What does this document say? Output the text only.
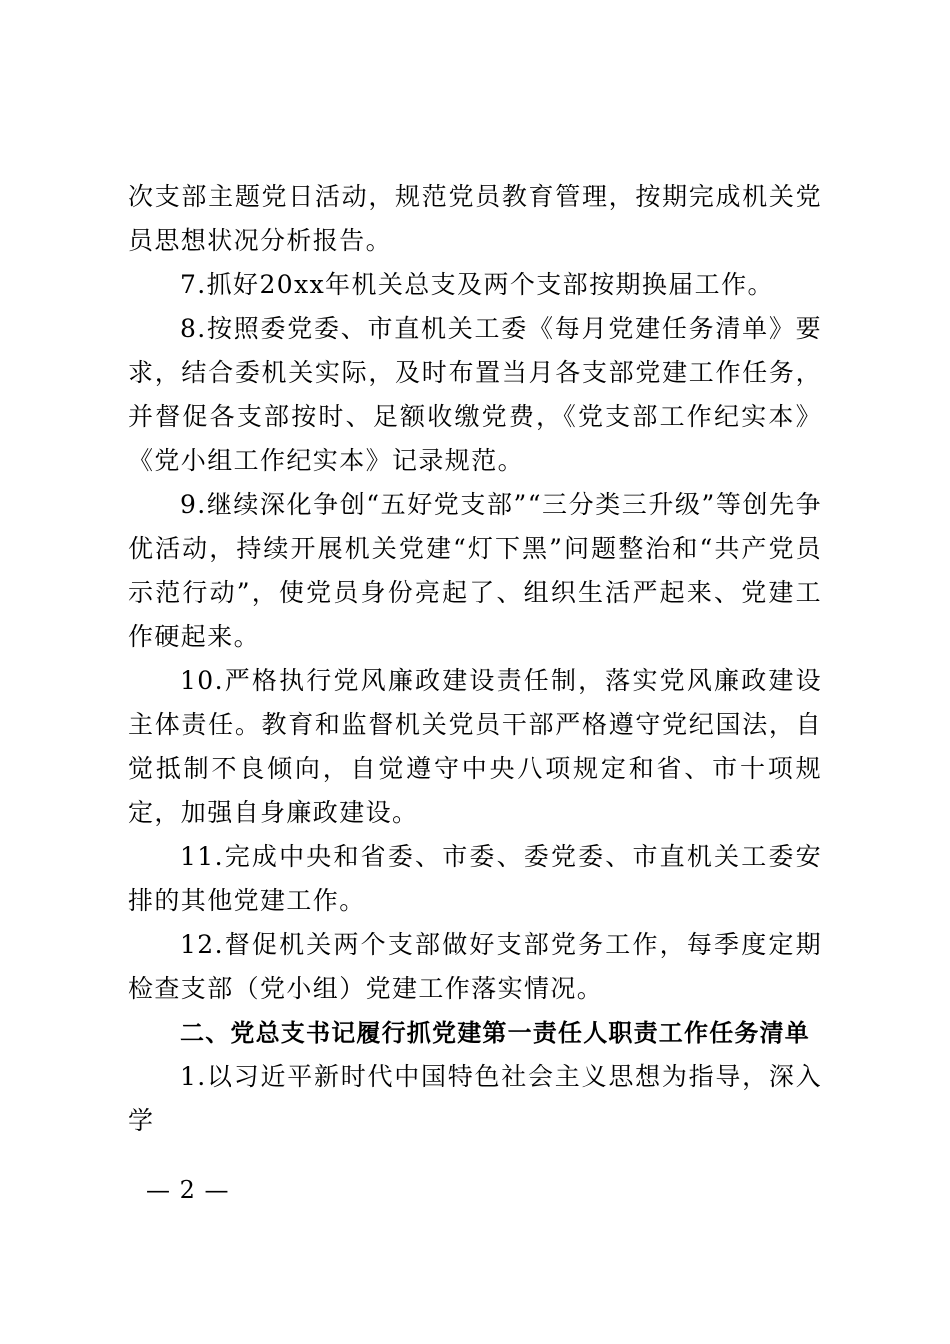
次支部主题党日活动，规范党员教育管理，按期完成机关党员思想状况分析报告。

7.抓好20xx年机关总支及两个支部按期换届工作。

8.按照委党委、市直机关工委《每月党建任务清单》要求，结合委机关实际，及时布置当月各支部党建工作任务，并督促各支部按时、足额收缴党费，《党支部工作纪实本》《党小组工作纪实本》记录规范。

9.继续深化争创“五好党支部”“三分类三升级”等创先争优活动，持续开展机关党建“灯下黑”问题整治和“共产党员示范行动”，使党员身份亮起了、组织生活严起来、党建工作硬起来。

10.严格执行党风廉政建设责任制，落实党风廉政建设主体责任。教育和监督机关党员干部严格遵守党纪国法，自觉抵制不良倾向，自觉遵守中央八项规定和省、市十项规定，加强自身廉政建设。

11.完成中央和省委、市委、委党委、市直机关工委安排的其他党建工作。

12.督促机关两个支部做好支部党务工作，每季度定期检查支部（党小组）党建工作落实情况。

二、党总支书记履行抓党建第一责任人职责工作任务清单

1.以习近平新时代中国特色社会主义思想为指导，深入学

— 2 —
